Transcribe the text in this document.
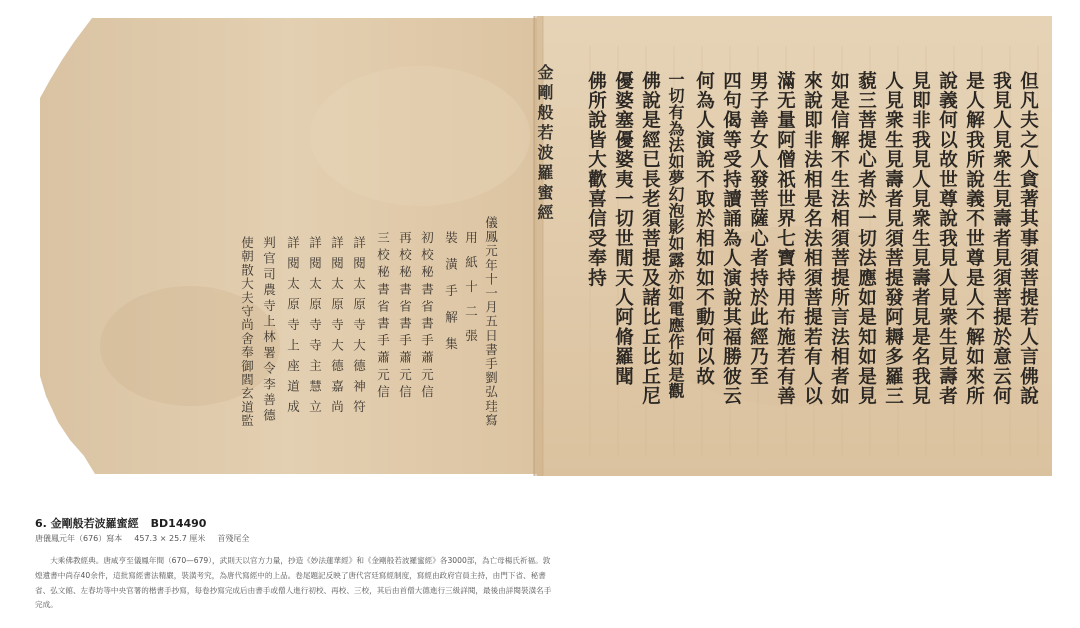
但凡夫之人貪著其事須菩提若人言佛說
我見人見衆生見壽者見須菩提於意云何
是人解我所說義不世尊是人不解如來所
說義何以故世尊說我見人見衆生見壽者
見即非我見人見衆生見壽者見是名我見
人見衆生見壽者見須菩提發阿耨多羅三
藐三菩提心者於一切法應如是知如是見
如是信解不生法相須菩提所言法相者如
來說即非法相是名法相須菩提若有人以
滿无量阿僧祇世界七寶持用布施若有善
男子善女人發菩薩心者持於此經乃至
四句偈等受持讀誦為人演說其福勝彼云
何為人演說不取於相如如不動何以故
一切有為法如夢幻泡影如露亦如電應作如是觀
佛說是經已長老須菩提及諸比丘比丘尼
優婆塞優婆夷一切世閒天人阿脩羅聞
佛所說皆大歡喜信受奉持
金剛般若波羅蜜經
儀鳳元年十一月五日書手劉弘珪寫
用紙十二張
裝潢手解集
初校秘書省書手蕭元信
再校秘書省書手蕭元信
三校秘書省書手蕭元信
詳閱太原寺大德神符
詳閱太原寺大德嘉尚
詳閱太原寺寺主慧立
詳閱太原寺上座道成
判官司農寺上林署令李善德
使朝散大夫守尚舍奉御閻玄道監

6. 金剛般若波羅蜜經 BD14490

唐儀鳳元年（676）寫本 457.3 × 25.7 厘米 首殘尾全

大乘佛教經典。唐咸亨至儀鳳年間（670—679），武則天以官方力量，抄造《妙法蓮華經》和《金剛般若波羅蜜經》各3000部，為亡母楊氏祈福。敦煌遺書中尚存40余件，這批寫經書法精嚴，裝潢考究，為唐代寫經中的上品。卷尾題記反映了唐代宮廷寫經制度，寫經由政府官員主持，由門下省、秘書省、弘文館、左春坊等中央官署的楷書手抄寫，每卷抄寫完成后由書手或僧人進行初校、再校、三校，其后由首僧大德進行三級詳閱，最後由詳閱裝潢名手完成。
